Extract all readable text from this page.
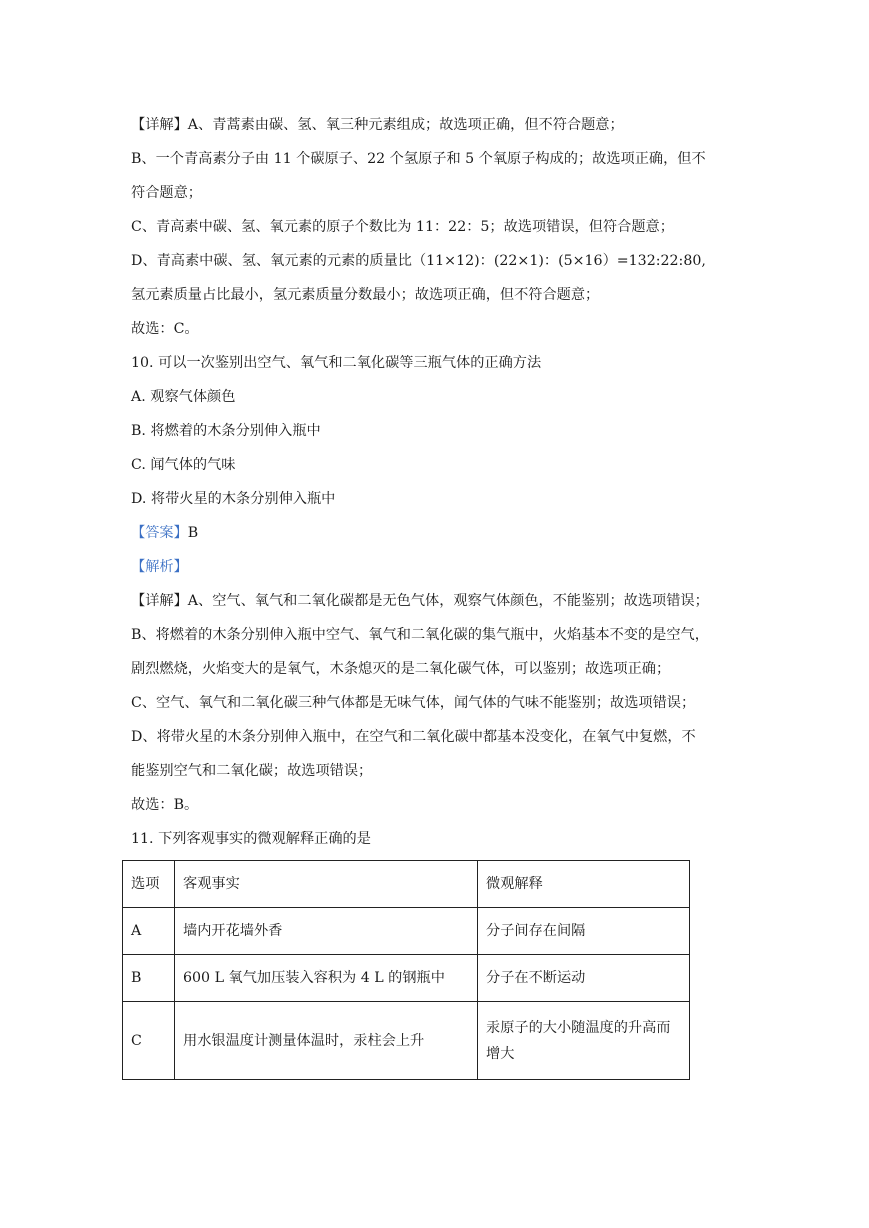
【详解】A、青蒿素由碳、氢、氧三种元素组成；故选项正确，但不符合题意；
B、一个青高素分子由 11 个碳原子、22 个氢原子和 5 个氧原子构成的；故选项正确，但不
符合题意；
C、青高素中碳、氢、氧元素的原子个数比为 11：22：5；故选项错误，但符合题意；
D、青高素中碳、氢、氧元素的元素的质量比（11×12)：(22×1)：(5×16）=132:22:80,
氢元素质量占比最小，氢元素质量分数最小；故选项正确，但不符合题意；
故选：C。
10. 可以一次鉴别出空气、氧气和二氧化碳等三瓶气体的正确方法
A. 观察气体颜色
B. 将燃着的木条分别伸入瓶中
C. 闻气体的气味
D. 将带火星的木条分别伸入瓶中
【答案】B
【解析】
【详解】A、空气、氧气和二氧化碳都是无色气体，观察气体颜色，不能鉴别；故选项错误；
B、将燃着的木条分别伸入瓶中空气、氧气和二氧化碳的集气瓶中，火焰基本不变的是空气，
剧烈燃烧，火焰变大的是氧气，木条熄灭的是二氧化碳气体，可以鉴别；故选项正确；
C、空气、氧气和二氧化碳三种气体都是无味气体，闻气体的气味不能鉴别；故选项错误；
D、将带火星的木条分别伸入瓶中，在空气和二氧化碳中都基本没变化，在氧气中复燃，不
能鉴别空气和二氧化碳；故选项错误；
故选：B。
11. 下列客观事实的微观解释正确的是
选项	客观事实	微观解释
A	墙内开花墙外香	分子间存在间隔
B	600 L 氧气加压装入容积为 4 L 的钢瓶中	分子在不断运动
C	用水银温度计测量体温时，汞柱会上升	汞原子的大小随温度的升高而增大
